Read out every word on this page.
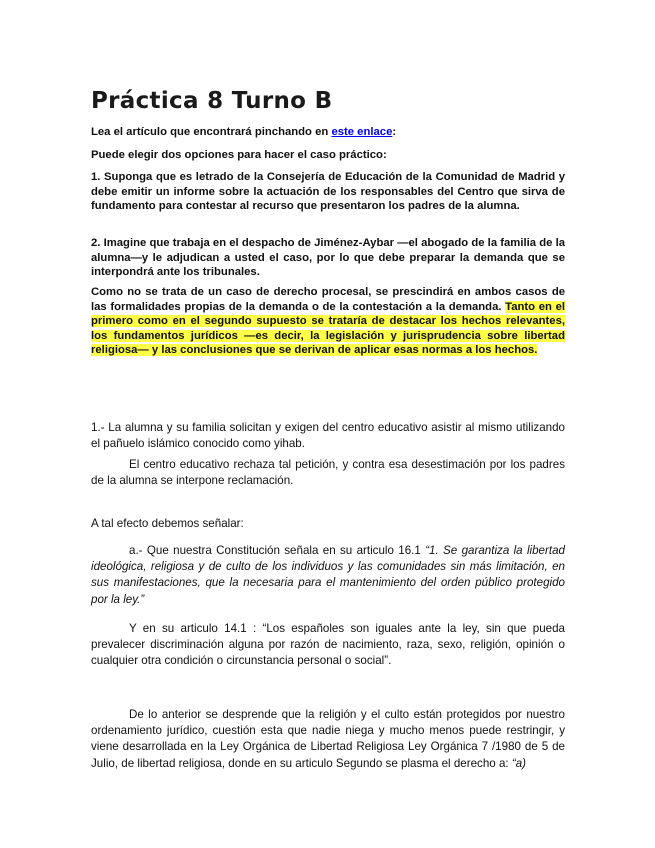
Práctica 8 Turno B

Lea el artículo que encontrará pinchando en este enlace:

Puede elegir dos opciones para hacer el caso práctico:

1. Suponga que es letrado de la Consejería de Educación de la Comunidad de Madrid y debe emitir un informe sobre la actuación de los responsables del Centro que sirva de fundamento para contestar al recurso que presentaron los padres de la alumna.

2. Imagine que trabaja en el despacho de Jiménez-Aybar —el abogado de la familia de la alumna—y le adjudican a usted el caso, por lo que debe preparar la demanda que se interpondrá ante los tribunales.

Como no se trata de un caso de derecho procesal, se prescindirá en ambos casos de las formalidades propias de la demanda o de la contestación a la demanda. Tanto en el primero como en el segundo supuesto se trataría de destacar los hechos relevantes, los fundamentos jurídicos —es decir, la legislación y jurisprudencia sobre libertad religiosa— y las conclusiones que se derivan de aplicar esas normas a los hechos.

1.- La alumna y su familia solicitan y exigen del centro educativo asistir al mismo utilizando el pañuelo islámico conocido como yihab.

El centro educativo rechaza tal petición, y contra esa desestimación por los padres de la alumna se interpone reclamación.

A tal efecto debemos señalar:

a.- Que nuestra Constitución señala en su articulo 16.1 “1. Se garantiza la libertad ideológica, religiosa y de culto de los individuos y las comunidades sin más limitación, en sus manifestaciones, que la necesaria para el mantenimiento del orden público protegido por la ley.”

Y en su articulo 14.1 : “Los españoles son iguales ante la ley, sin que pueda prevalecer discriminación alguna por razón de nacimiento, raza, sexo, religión, opinión o cualquier otra condición o circunstancia personal o social”.

De lo anterior se desprende que la religión y el culto están protegidos por nuestro ordenamiento jurídico, cuestión esta que nadie niega y mucho menos puede restringir, y viene desarrollada en la Ley Orgánica de Libertad Religiosa Ley Orgánica 7 /1980 de 5 de Julio, de libertad religiosa, donde en su articulo Segundo se plasma el derecho a: “a)
